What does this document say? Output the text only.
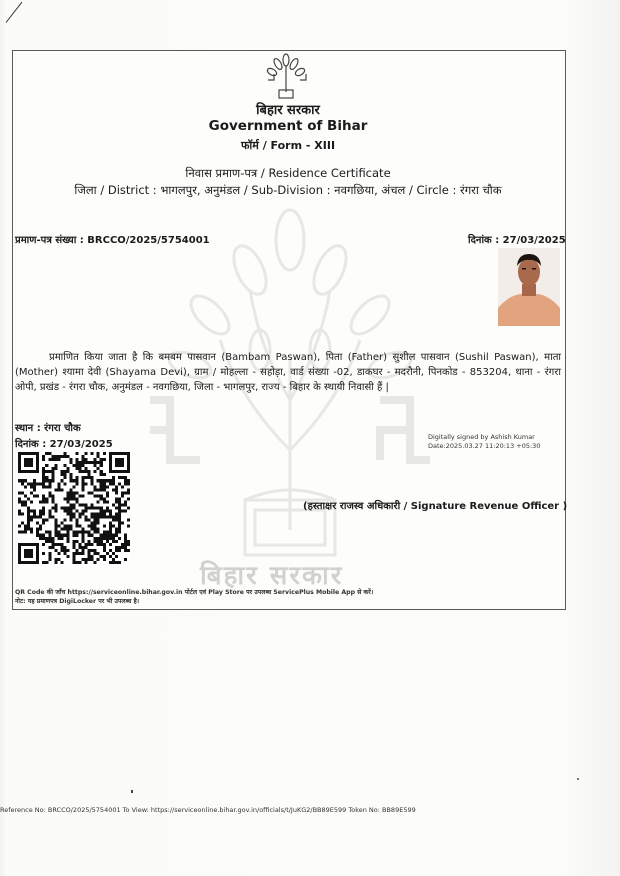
बिहार सरकार
Government of Bihar
फॉर्म / Form - XIII
निवास प्रमाण-पत्र / Residence Certificate
जिला / District : भागलपुर, अनुमंडल / Sub-Division : नवगछिया, अंचल / Circle : रंगरा चौक
प्रमाण-पत्र संख्या : BRCCO/2025/5754001	दिनांक : 27/03/2025
प्रमाणित किया जाता है कि बमबम पासवान (Bambam Paswan), पिता (Father) सुशील पासवान (Sushil Paswan), माता (Mother) श्यामा देवी (Shayama Devi), ग्राम / मोहल्ला - सहोड़ा, वार्ड संख्या -02, डाकघर - मदरौनी, पिनकोड - 853204, थाना - रंगरा ओपी, प्रखंड - रंगरा चौक, अनुमंडल - नवगछिया, जिला - भागलपुर, राज्य - बिहार के स्थायी निवासी हैं |
स्थान : रंगरा चौक
दिनांक : 27/03/2025
Digitally signed by Ashish Kumar
Date:2025.03.27 11:20:13 +05:30
(हस्ताक्षर राजस्व अधिकारी / Signature Revenue Officer )
QR Code की जाँच https://serviceonline.bihar.gov.in पोर्टल एवं Play Store पर उपलब्ध ServicePlus Mobile App से करें।
नोट: यह प्रमाणपत्र DigiLocker पर भी उपलब्ध है।
बिहार सरकार
Reference No: BRCCO/2025/5754001 To View: https://serviceonline.bihar.gov.in/officials/t/JuKG2/BB89E599 Token No: BB89E599
